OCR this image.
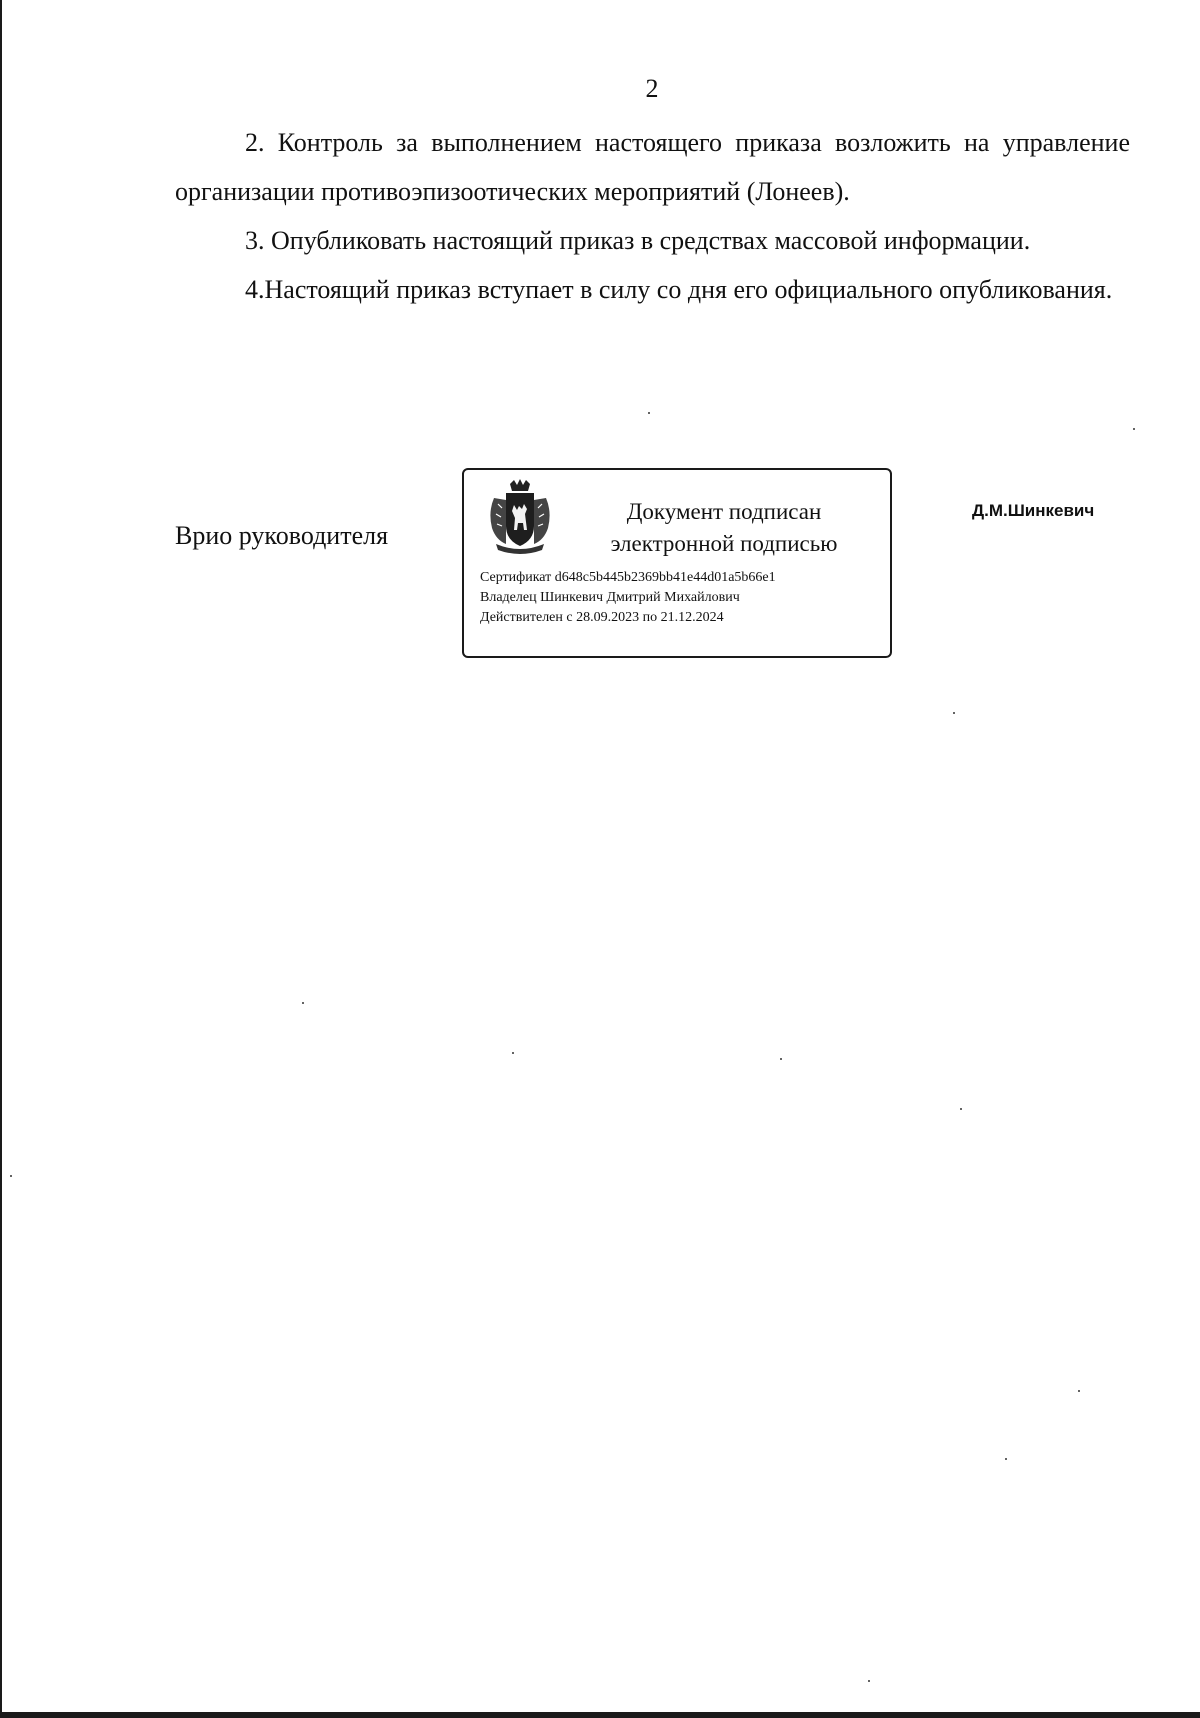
2

2. Контроль за выполнением настоящего приказа возложить на управление организации противоэпизоотических мероприятий (Лонеев).

3. Опубликовать настоящий приказ в средствах массовой информации.

4.Настоящий приказ вступает в силу со дня его официального опубликования.

Врио руководителя
Документ подписан
электронной подписью
Сертификат d648c5b445b2369bb41e44d01a5b66e1
Владелец Шинкевич Дмитрий Михайлович
Действителен с 28.09.2023 по 21.12.2024
Д.М.Шинкевич
